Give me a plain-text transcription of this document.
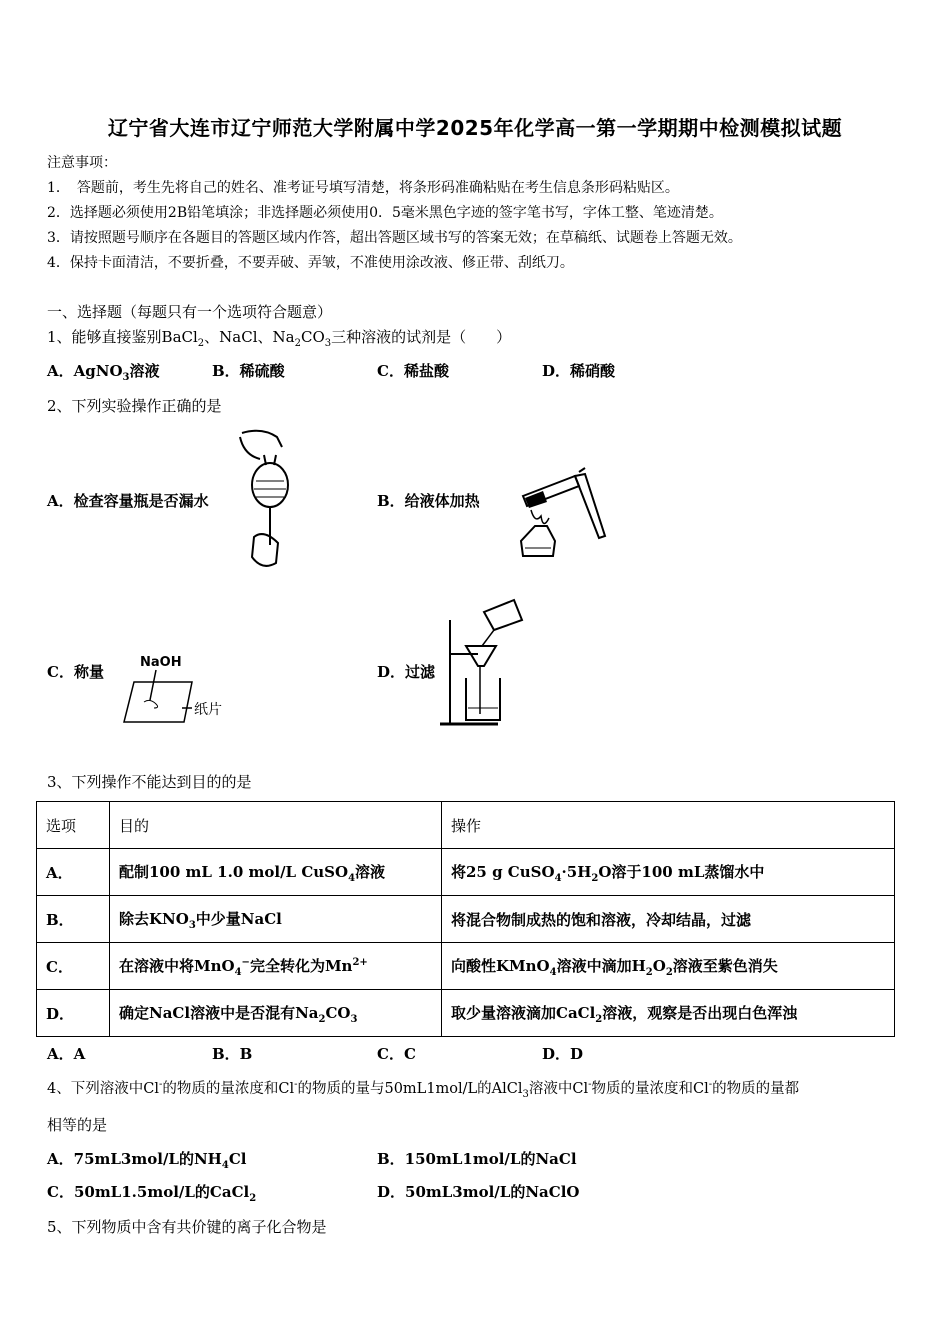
辽宁省大连市辽宁师范大学附属中学2025年化学高一第一学期期中检测模拟试题
注意事项：
1．　答题前，考生先将自己的姓名、准考证号填写清楚，将条形码准确粘贴在考生信息条形码粘贴区。
2．选择题必须使用2B铅笔填涂；非选择题必须使用0．5毫米黑色字迹的签字笔书写，字体工整、笔迹清楚。
3．请按照题号顺序在各题目的答题区域内作答，超出答题区域书写的答案无效；在草稿纸、试题卷上答题无效。
4．保持卡面清洁，不要折叠，不要弄破、弄皱，不准使用涂改液、修正带、刮纸刀。
一、选择题（每题只有一个选项符合题意）
1、能够直接鉴别BaCl$_2$、NaCl、$Na_2CO_3$三种溶液的试剂是（　　）
A．AgNO$_3$溶液	B．稀硫酸	C．稀盐酸	D．稀硝酸
2、下列实验操作正确的是
A．检查容量瓶是否漏水	B．给液体加热
C．称量	D．过滤
NaOH
纸片
3、下列操作不能达到目的的是
选项	目的	操作
A．	配制100 mL 1.0 mol/L CuSO$_4$溶液	将25 g $CuSO_4\cdot 5H_2O$溶于100 mL蒸馏水中
B．	除去$KNO_3$中少量NaCl	将混合物制成热的饱和溶液，冷却结晶，过滤
C．	在溶液中将MnO$_4$−完全转化为$Mn^{2+}$	向酸性KMnO$_4$溶液中滴加$H_2O_2$溶液至紫色消失
D．	确定NaCl溶液中是否混有$Na_2CO_3$	取少量溶液滴加CaCl$_2$溶液，观察是否出现白色浑浊
A．A	B．B	C．C	D．D
4、下列溶液中Cl-的物质的量浓度和Cl-的物质的量与50mL1mol/L的AlCl$_3$溶液中Cl-物质的量浓度和Cl-的物质的量都
相等的是
A．75mL3mol/L的$NH_4Cl$	B．150mL1mol/L的NaCl
C．50mL1.5mol/L的CaCl$_2$	D．50mL3mol/L的NaClO
5、下列物质中含有共价键的离子化合物是
